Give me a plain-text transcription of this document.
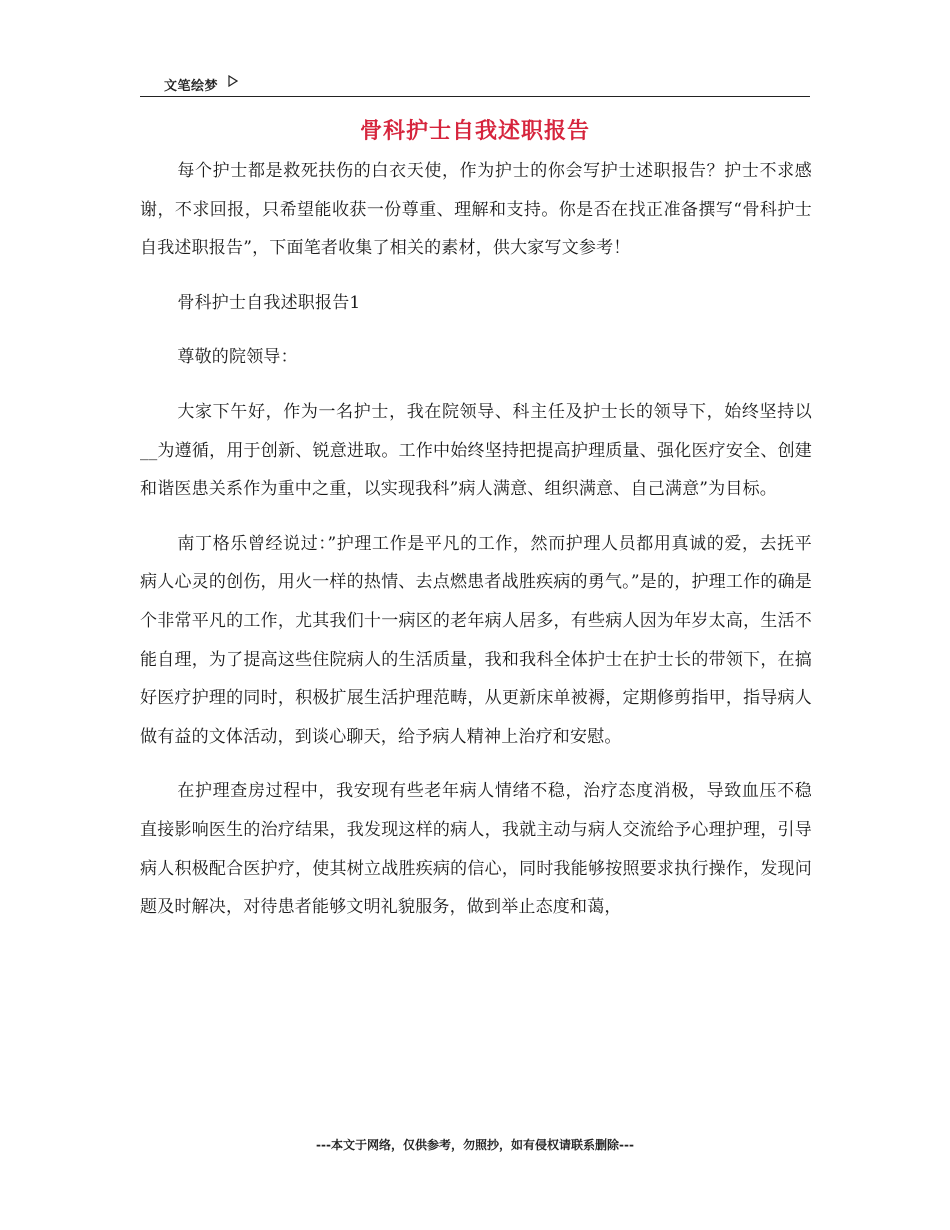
文笔绘梦
骨科护士自我述职报告

每个护士都是救死扶伤的白衣天使，作为护士的你会写护士述职报告？护士不求感谢，不求回报，只希望能收获一份尊重、理解和支持。你是否在找正准备撰写“骨科护士自我述职报告”，下面笔者收集了相关的素材，供大家写文参考！

骨科护士自我述职报告1

尊敬的院领导：

大家下午好，作为一名护士，我在院领导、科主任及护士长的领导下，始终坚持以__为遵循，用于创新、锐意进取。工作中始终坚持把提高护理质量、强化医疗安全、创建和谐医患关系作为重中之重，以实现我科”病人满意、组织满意、自己满意”为目标。

南丁格乐曾经说过：”护理工作是平凡的工作，然而护理人员都用真诚的爱，去抚平病人心灵的创伤，用火一样的热情、去点燃患者战胜疾病的勇气。”是的，护理工作的确是个非常平凡的工作，尤其我们十一病区的老年病人居多，有些病人因为年岁太高，生活不能自理，为了提高这些住院病人的生活质量，我和我科全体护士在护士长的带领下，在搞好医疗护理的同时，积极扩展生活护理范畴，从更新床单被褥，定期修剪指甲，指导病人做有益的文体活动，到谈心聊天，给予病人精神上治疗和安慰。

在护理查房过程中，我安现有些老年病人情绪不稳，治疗态度消极，导致血压不稳直接影响医生的治疗结果，我发现这样的病人，我就主动与病人交流给予心理护理，引导病人积极配合医护疗，使其树立战胜疾病的信心，同时我能够按照要求执行操作，发现问题及时解决，对待患者能够文明礼貌服务，做到举止态度和蔼，

---本文于网络，仅供参考，勿照抄，如有侵权请联系删除---
